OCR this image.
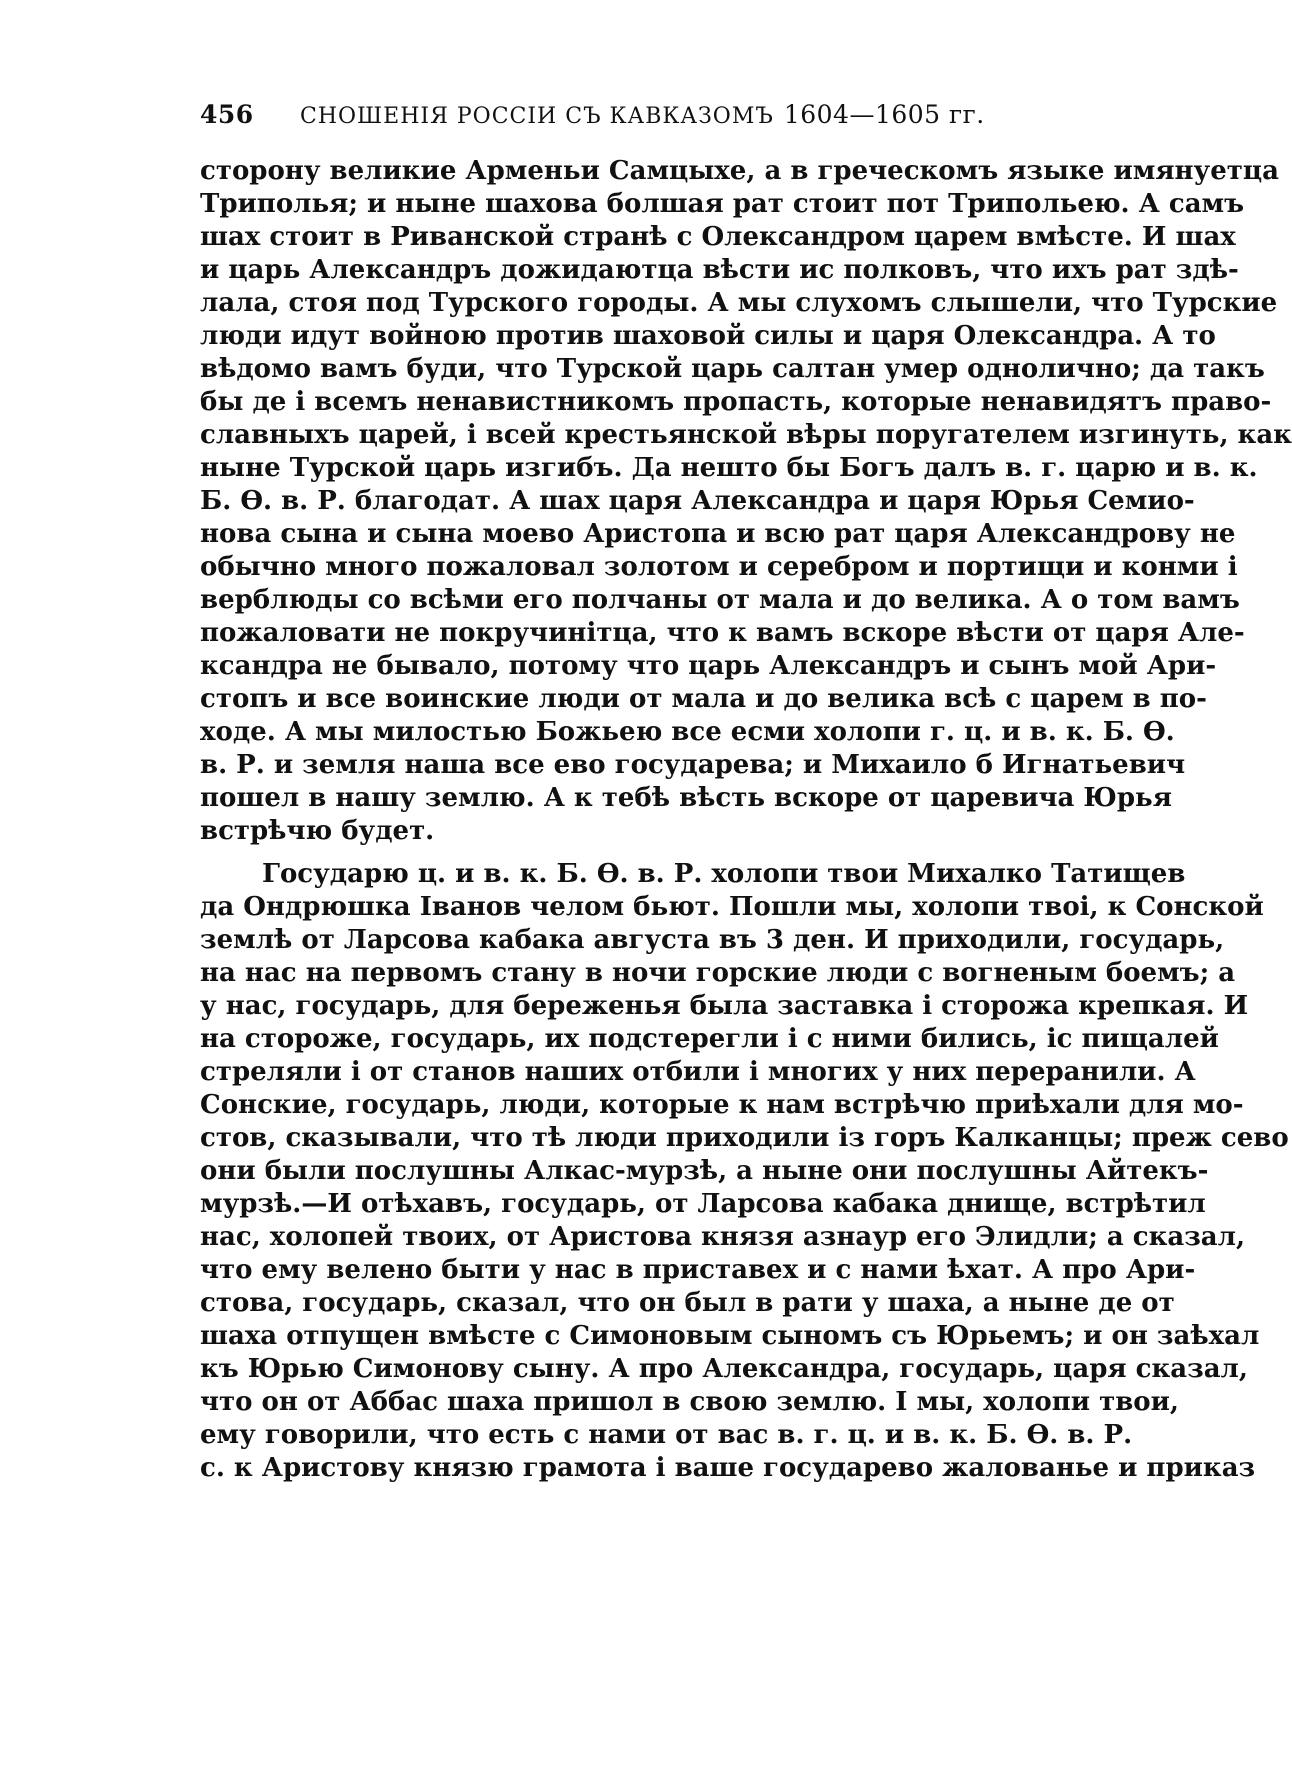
456	СНОШЕНІЯ РОССІИ СЪ КАВКАЗОМЪ 1604—1605 гг.
сторону великие Арменьи Самцыхе, а в греческомъ языке имянуетца
Триполья; и ныне шахова болшая рат стоит пот Трипольею. А самъ
шах стоит в Риванской странѣ с Олександром царем вмѣсте. И шах
и царь Александръ дожидаютца вѣсти ис полковъ, что ихъ рат здѣ-
лала, стоя под Турского городы. А мы слухомъ слышели, что Турские
люди идут войною против шаховой силы и царя Олександра. А то
вѣдомо вамъ буди, что Турской царь салтан умер однолично; да такъ
бы де і всемъ ненавистникомъ пропасть, которые ненавидятъ право-
славныхъ царей, і всей крестьянской вѣры поругателем изгинуть, как
ныне Турской царь изгибъ. Да нешто бы Богъ далъ в. г. царю и в. к.
Б. Ѳ. в. Р. благодат. А шах царя Александра и царя Юрья Семио-
нова сына и сына моево Аристопа и всю рат царя Александрову не
обычно много пожаловал золотом и серебром и портищи и конми і
верблюды со всѣми его полчаны от мала и до велика. А о том вамъ
пожаловати не покручинітца, что к вамъ вскоре вѣсти от царя Але-
ксандра не бывало, потому что царь Александръ и сынъ мой Ари-
стопъ и все воинские люди от мала и до велика всѣ с царем в по-
ходе. А мы милостью Божьею все есми холопи г. ц. и в. к. Б. Ѳ.
в. Р. и земля наша все ево государева; и Михаило б Игнатьевич
пошел в нашу землю. А к тебѣ вѣсть вскоре от царевича Юрья
встрѣчю будет.
Государю ц. и в. к. Б. Ѳ. в. Р. холопи твои Михалко Татищев
да Ондрюшка Іванов челом бьют. Пошли мы, холопи твоі, к Сонской
землѣ от Ларсова кабака августа въ 3 ден. И приходили, государь,
на нас на первомъ стану в ночи горские люди с вогненым боемъ; а
у нас, государь, для береженья была заставка і сторожа крепкая. И
на стороже, государь, их подстерегли і с ними бились, іс пищалей
стреляли і от станов наших отбили і многих у них переранили. А
Сонские, государь, люди, которые к нам встрѣчю приѣхали для мо-
стов, сказывали, что тѣ люди приходили із горъ Калканцы; преж сево
они были послушны Алкас-мурзѣ, а ныне они послушны Айтекъ-
мурзѣ.—И отѣхавъ, государь, от Ларсова кабака днище, встрѣтил
нас, холопей твоих, от Аристова князя азнаур его Элидли; а сказал,
что ему велено быти у нас в приставех и с нами ѣхат. А про Ари-
стова, государь, сказал, что он был в рати у шаха, а ныне де от
шаха отпущен вмѣсте с Симоновым сыномъ съ Юрьемъ; и он заѣхал
къ Юрью Симонову сыну. А про Александра, государь, царя сказал,
что он от Аббас шаха пришол в свою землю. І мы, холопи твои,
ему говорили, что есть с нами от вас в. г. ц. и в. к. Б. Ѳ. в. Р.
с. к Аристову князю грамота і ваше государево жалованье и приказ
